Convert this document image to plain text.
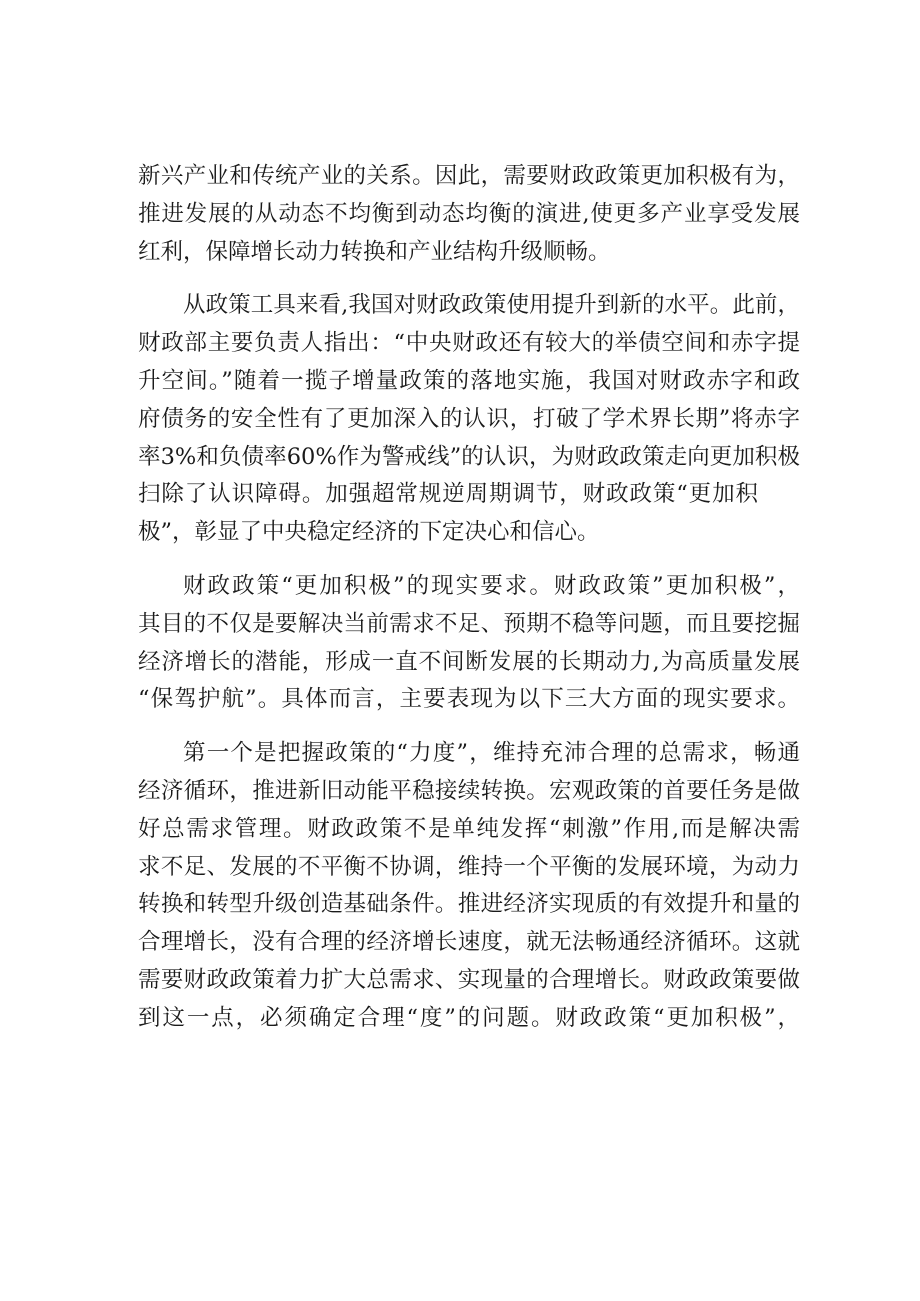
新兴产业和传统产业的关系。因此，需要财政政策更加积极有为，
推进发展的从动态不均衡到动态均衡的演进,使更多产业享受发展
红利，保障增长动力转换和产业结构升级顺畅。

从政策工具来看,我国对财政政策使用提升到新的水平。此前，
财政部主要负责人指出：“中央财政还有较大的举债空间和赤字提
升空间。”随着一揽子增量政策的落地实施，我国对财政赤字和政
府债务的安全性有了更加深入的认识，打破了学术界长期”将赤字
率3%和负债率60%作为警戒线”的认识，为财政政策走向更加积极
扫除了认识障碍。加强超常规逆周期调节，财政政策“更加积
极”，彰显了中央稳定经济的下定决心和信心。

财政政策“更加积极”的现实要求。财政政策”更加积极”，
其目的不仅是要解决当前需求不足、预期不稳等问题，而且要挖掘
经济增长的潜能，形成一直不间断发展的长期动力,为高质量发展
“保驾护航”。具体而言，主要表现为以下三大方面的现实要求。

第一个是把握政策的“力度”，维持充沛合理的总需求，畅通
经济循环，推进新旧动能平稳接续转换。宏观政策的首要任务是做
好总需求管理。财政政策不是单纯发挥“刺激”作用,而是解决需
求不足、发展的不平衡不协调，维持一个平衡的发展环境，为动力
转换和转型升级创造基础条件。推进经济实现质的有效提升和量的
合理增长，没有合理的经济增长速度，就无法畅通经济循环。这就
需要财政政策着力扩大总需求、实现量的合理增长。财政政策要做
到这一点，必须确定合理“度”的问题。财政政策“更加积极”，
